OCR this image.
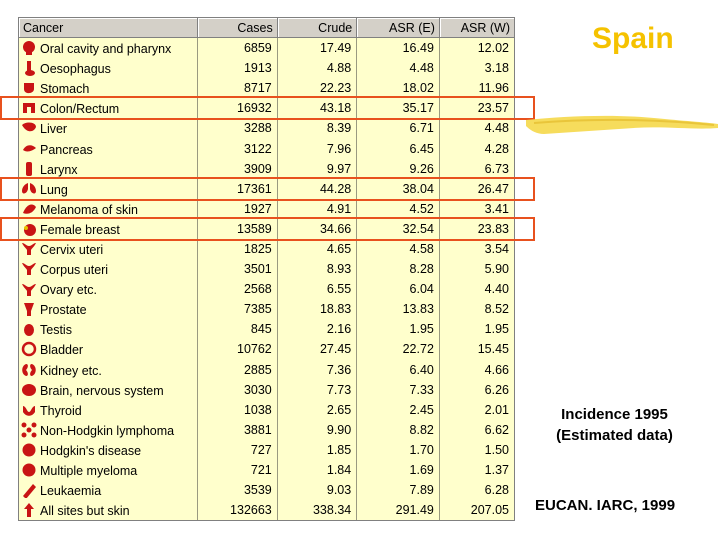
Cancer	Cases	Crude	ASR (E)	ASR (W)
Oral cavity and pharynx	6859	17.49	16.49	12.02
Oesophagus	1913	4.88	4.48	3.18
Stomach	8717	22.23	18.02	11.96
Colon/Rectum	16932	43.18	35.17	23.57
Liver	3288	8.39	6.71	4.48
Pancreas	3122	7.96	6.45	4.28
Larynx	3909	9.97	9.26	6.73
Lung	17361	44.28	38.04	26.47
Melanoma of skin	1927	4.91	4.52	3.41
Female breast	13589	34.66	32.54	23.83
Cervix uteri	1825	4.65	4.58	3.54
Corpus uteri	3501	8.93	8.28	5.90
Ovary etc.	2568	6.55	6.04	4.40
Prostate	7385	18.83	13.83	8.52
Testis	845	2.16	1.95	1.95
Bladder	10762	27.45	22.72	15.45
Kidney etc.	2885	7.36	6.40	4.66
Brain, nervous system	3030	7.73	7.33	6.26
Thyroid	1038	2.65	2.45	2.01
Non-Hodgkin lymphoma	3881	9.90	8.82	6.62
Hodgkin's disease	727	1.85	1.70	1.50
Multiple myeloma	721	1.84	1.69	1.37
Leukaemia	3539	9.03	7.89	6.28
All sites but skin	132663	338.34	291.49	207.05
Spain
Incidence 1995
(Estimated data)
EUCAN. IARC, 1999
